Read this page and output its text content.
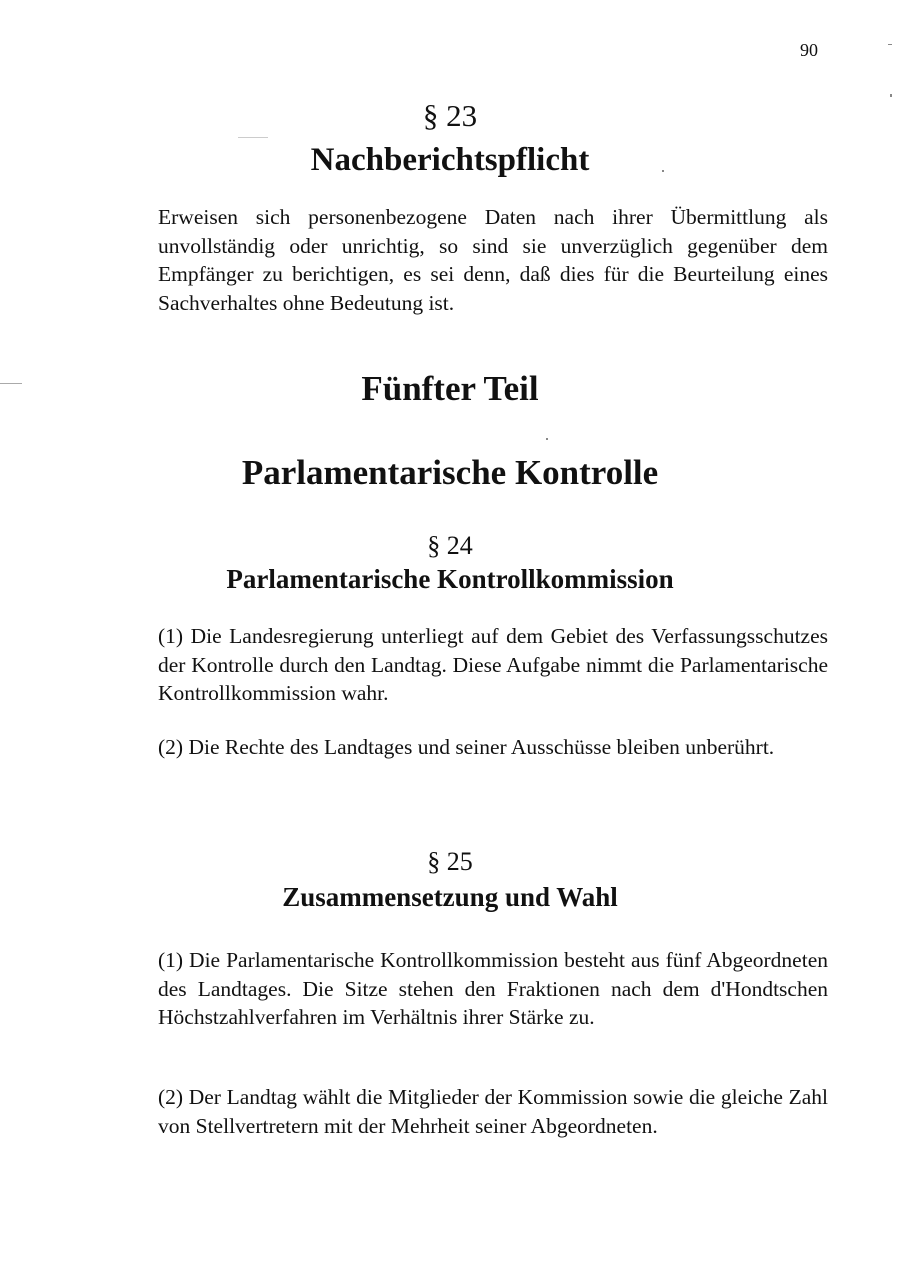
90
§ 23
Nachberichtspflicht
Erweisen sich personenbezogene Daten nach ihrer Übermittlung als unvollständig oder unrichtig, so sind sie unverzüglich gegenüber dem Empfänger zu berichtigen, es sei denn, daß dies für die Beurteilung eines Sachverhaltes ohne Bedeutung ist.
Fünfter Teil
Parlamentarische Kontrolle
§ 24
Parlamentarische Kontrollkommission
(1) Die Landesregierung unterliegt auf dem Gebiet des Verfassungsschutzes der Kontrolle durch den Landtag. Diese Aufgabe nimmt die Parlamentarische Kontrollkommission wahr.
(2) Die Rechte des Landtages und seiner Ausschüsse bleiben unberührt.
§ 25
Zusammensetzung und Wahl
(1) Die Parlamentarische Kontrollkommission besteht aus fünf Abgeordneten des Landtages. Die Sitze stehen den Fraktionen nach dem d'Hondtschen Höchstzahlverfahren im Verhältnis ihrer Stärke zu.
(2) Der Landtag wählt die Mitglieder der Kommission sowie die gleiche Zahl von Stellvertretern mit der Mehrheit seiner Abgeordneten.
